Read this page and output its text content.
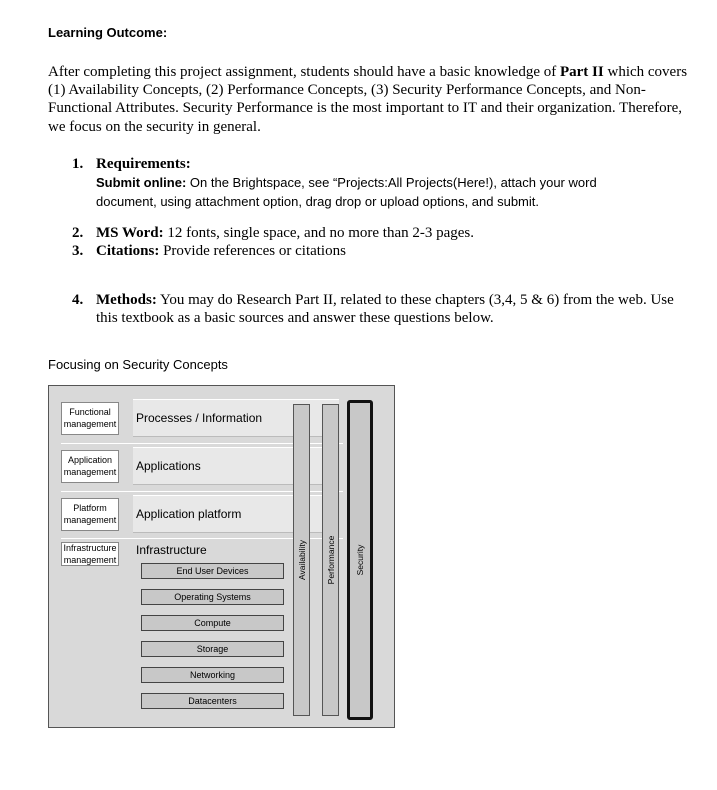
Learning Outcome:
After completing this project assignment, students should have a basic knowledge of Part II which covers (1) Availability Concepts, (2) Performance Concepts, (3) Security Performance Concepts, and Non-Functional Attributes. Security Performance is the most important to IT and their organization. Therefore, we focus on the security in general.
1. Requirements:
Submit online: On the Brightspace, see “Projects:All Projects(Here!), attach your word document, using attachment option, drag drop or upload options, and submit.
2. MS Word: 12 fonts, single space, and no more than 2-3 pages.
3. Citations: Provide references or citations
4. Methods: You may do Research Part II, related to these chapters (3,4, 5 & 6) from the web. Use this textbook as a basic sources and answer these questions below.
Focusing on Security Concepts
Functional management
Application management
Platform management
Infrastructure management
Processes / Information
Applications
Application platform
Infrastructure
End User Devices
Operating Systems
Compute
Storage
Networking
Datacenters
Availability Performance Security
